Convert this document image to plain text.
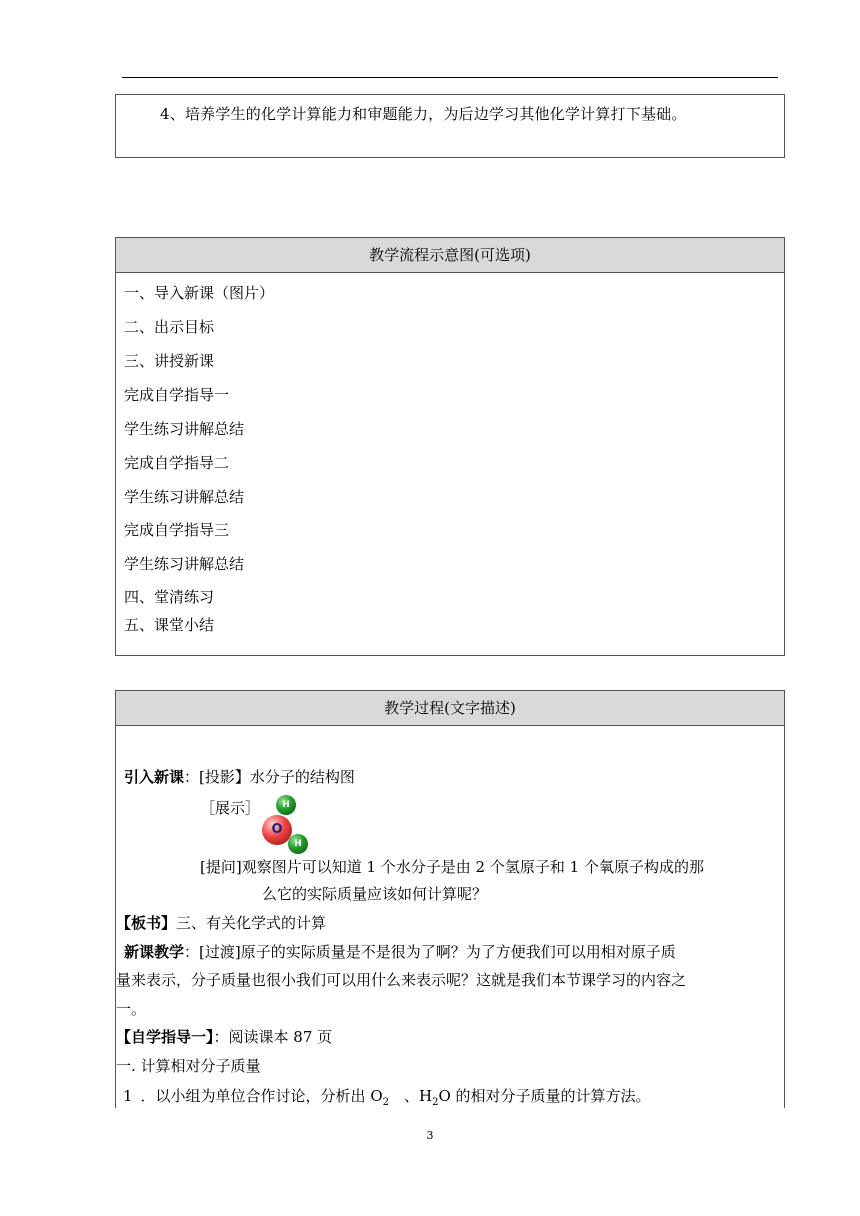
4、培养学生的化学计算能力和审题能力，为后边学习其他化学计算打下基础。
教学流程示意图(可选项)
一、导入新课（图片）
二、出示目标
三、讲授新课
完成自学指导一
学生练习讲解总结
完成自学指导二
学生练习讲解总结
完成自学指导三
学生练习讲解总结
四、堂清练习
五、课堂小结
教学过程(文字描述)
引入新课：[投影】水分子的结构图
［展示］	H
O
H
[提问]观察图片可以知道 1 个水分子是由 2 个氢原子和 1 个氧原子构成的那
么它的实际质量应该如何计算呢？
【板书】三、有关化学式的计算
新课教学：[过渡]原子的实际质量是不是很为了啊？为了方便我们可以用相对原子质
量来表示，分子质量也很小我们可以用什么来表示呢？这就是我们本节课学习的内容之
一。
【自学指导一】：阅读课本 87 页
一. 计算相对分子质量
1 ．以小组为单位合作讨论，分析出 $O_2$　、$H_2O$ 的相对分子质量的计算方法。
3
